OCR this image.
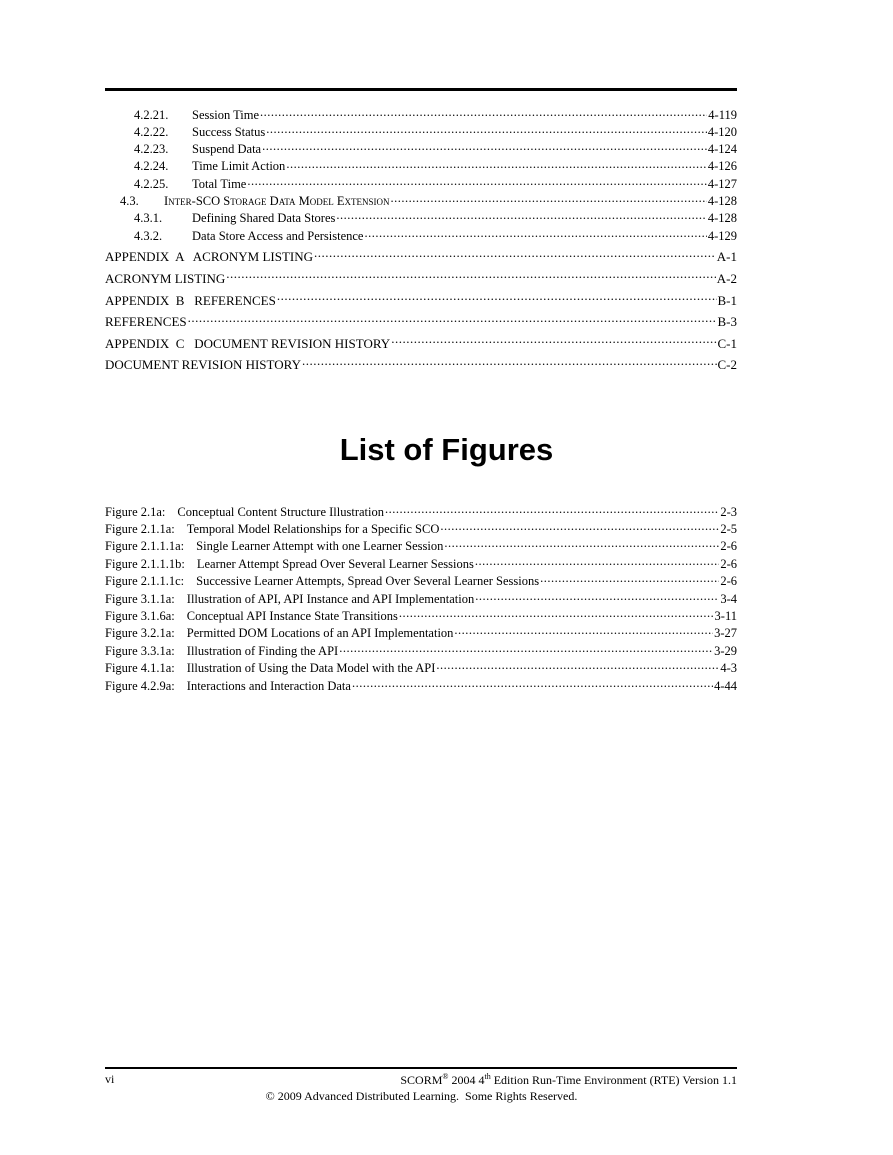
4.2.21.	Session Time .....	4-119
4.2.22.	Success Status .....	4-120
4.2.23.	Suspend Data .....	4-124
4.2.24.	Time Limit Action .....	4-126
4.2.25.	Total Time .....	4-127
4.3.	Inter-SCO Storage Data Model Extension .....	4-128
4.3.1.	Defining Shared Data Stores .....	4-128
4.3.2.	Data Store Access and Persistence .....	4-129
APPENDIX  A   ACRONYM LISTING .....	A-1
ACRONYM LISTING .....	A-2
APPENDIX  B   REFERENCES .....	B-1
REFERENCES .....	B-3
APPENDIX  C   DOCUMENT REVISION HISTORY .....	C-1
DOCUMENT REVISION HISTORY .....	C-2
List of Figures
Figure 2.1a: Conceptual Content Structure Illustration .....	2-3
Figure 2.1.1a: Temporal Model Relationships for a Specific SCO .....	2-5
Figure 2.1.1.1a: Single Learner Attempt with one Learner Session .....	2-6
Figure 2.1.1.1b: Learner Attempt Spread Over Several Learner Sessions .....	2-6
Figure 2.1.1.1c: Successive Learner Attempts, Spread Over Several Learner Sessions .....	2-6
Figure 3.1.1a: Illustration of API, API Instance and API Implementation .....	3-4
Figure 3.1.6a: Conceptual API Instance State Transitions .....	3-11
Figure 3.2.1a: Permitted DOM Locations of an API Implementation .....	3-27
Figure 3.3.1a: Illustration of Finding the API .....	3-29
Figure 4.1.1a: Illustration of Using the Data Model with the API .....	4-3
Figure 4.2.9a: Interactions and Interaction Data .....	4-44
vi	SCORM® 2004 4th Edition Run-Time Environment (RTE) Version 1.1
© 2009 Advanced Distributed Learning.  Some Rights Reserved.
